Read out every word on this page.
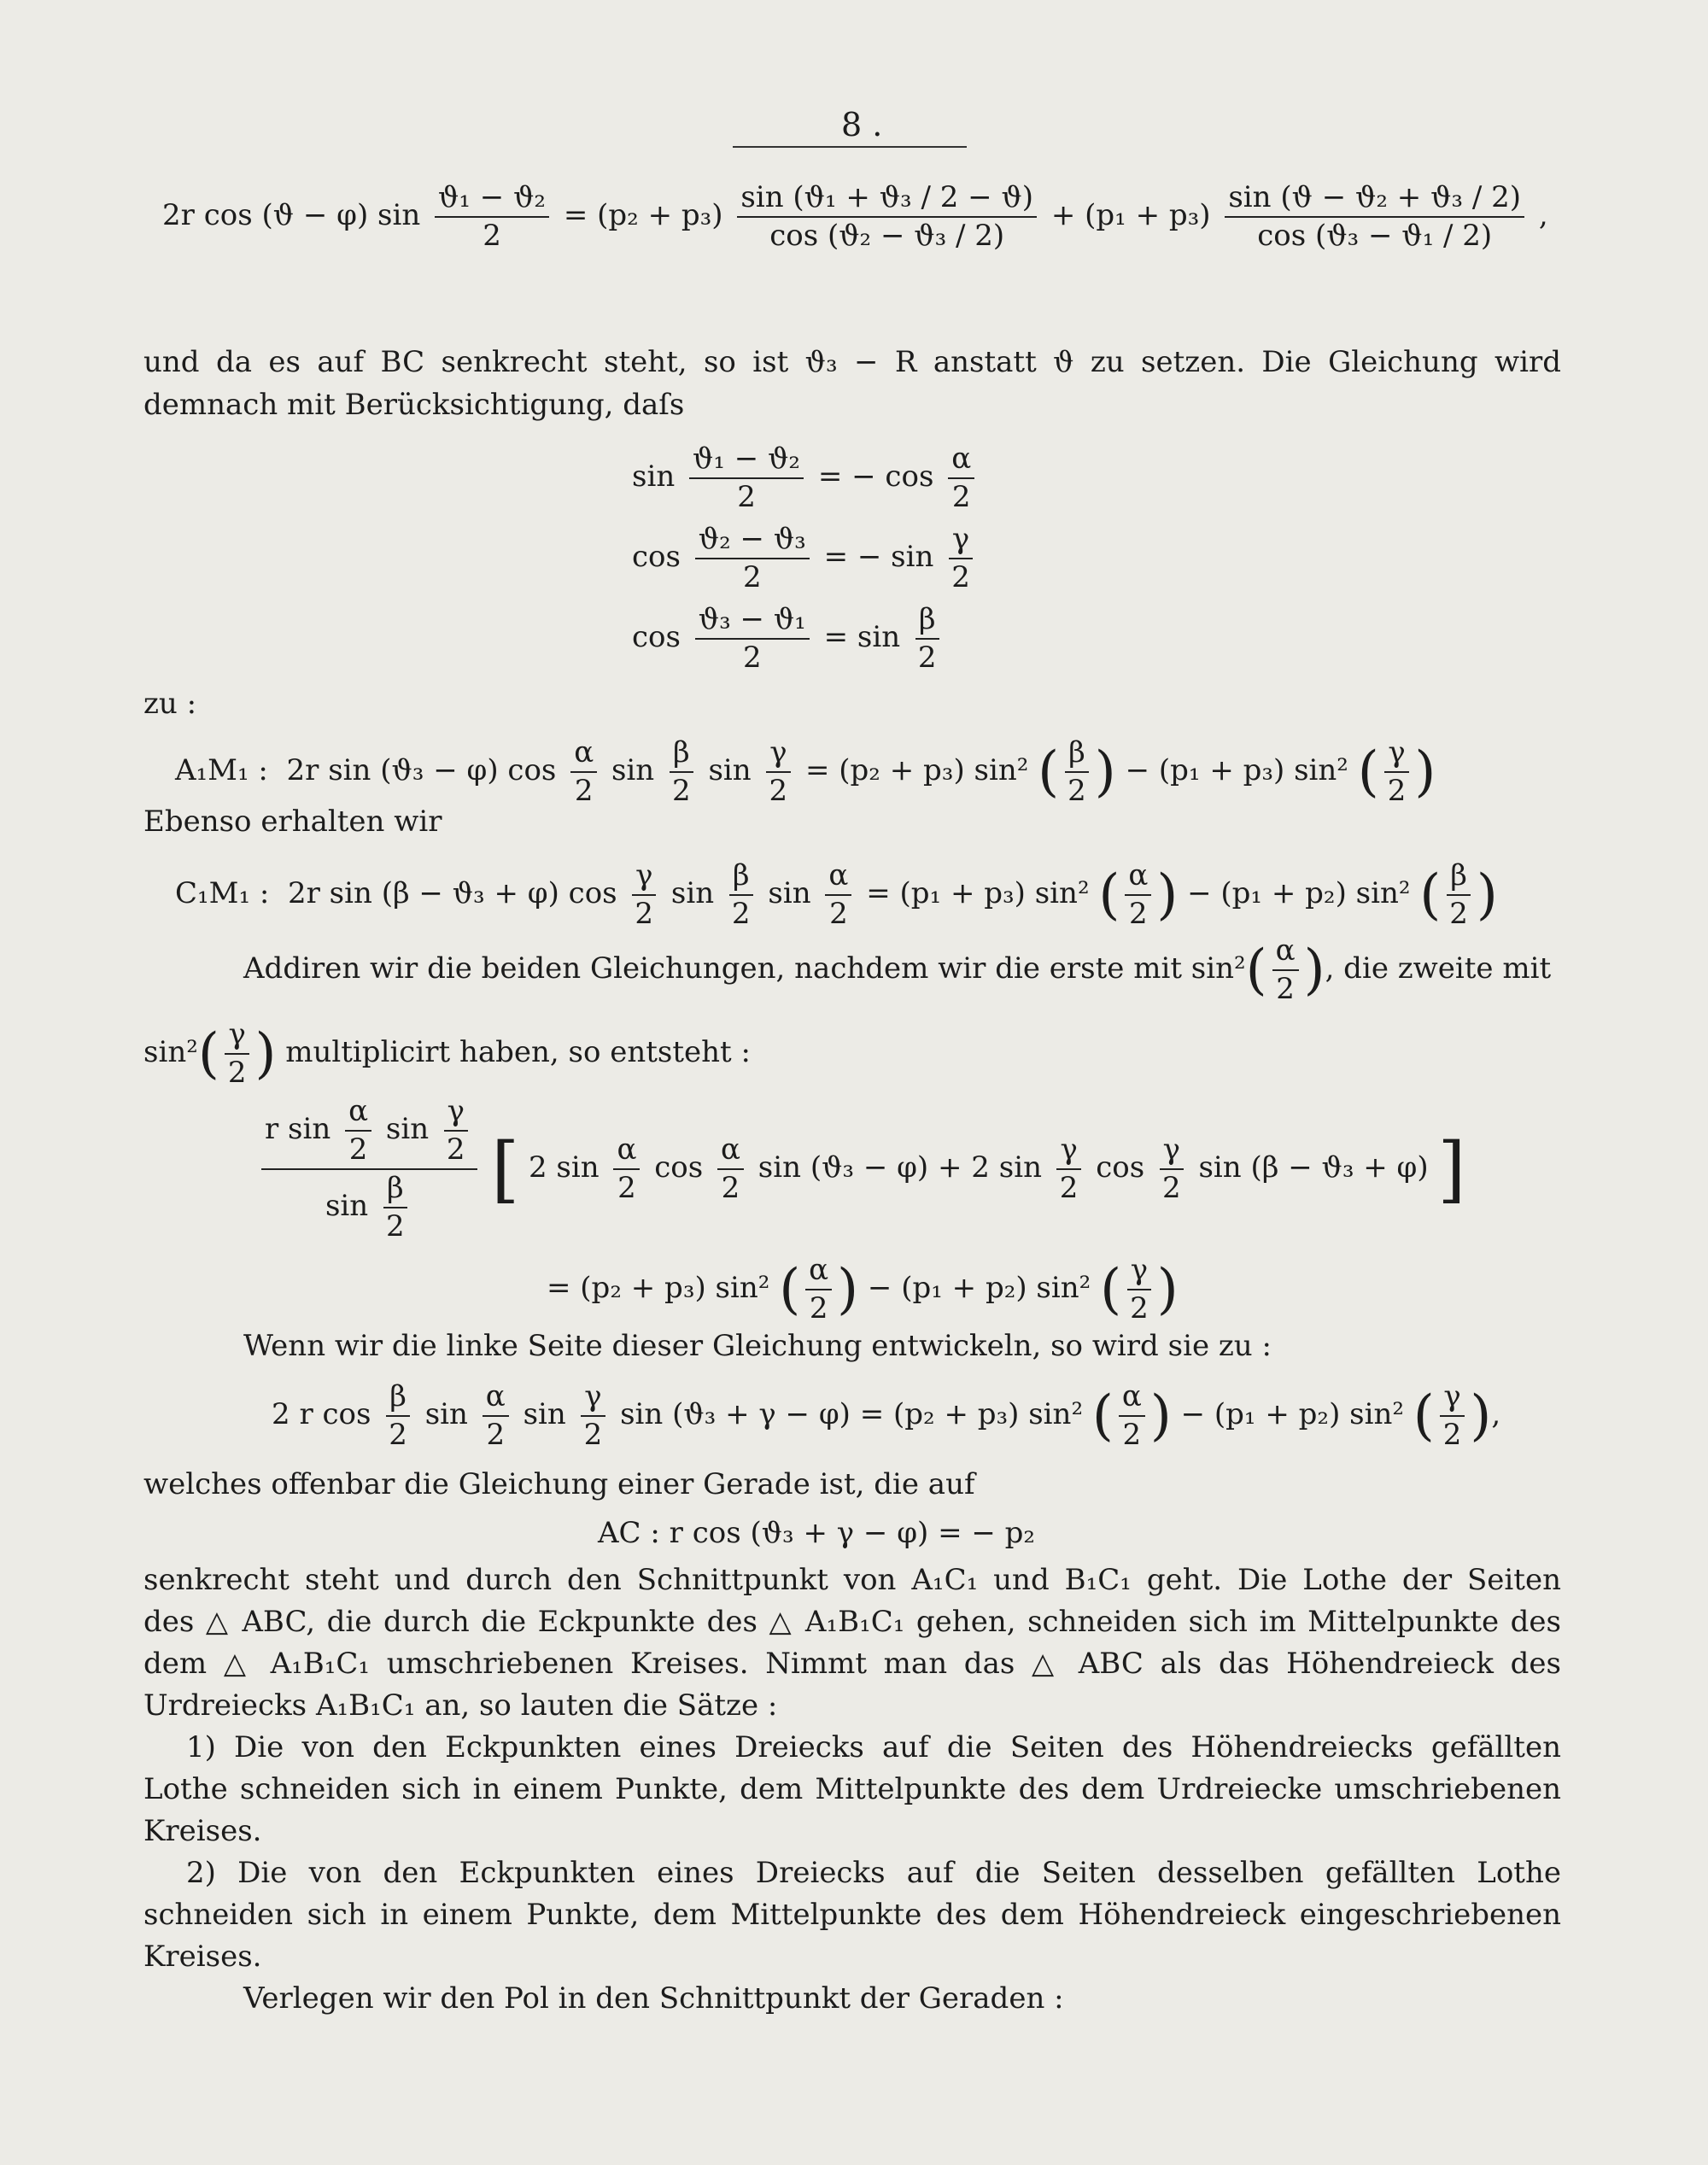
8 .
2r cos (ϑ − φ) $\sin \frac{\text{ϑ₁ − ϑ₂}}{2} = (p_2 + p_3) \frac{\text{sin (ϑ₁ + ϑ₃ / 2 − ϑ)}}{\text{cos (ϑ₂ − ϑ₃ / 2)}} + (p_1 + p_3) \frac{\text{sin (ϑ − ϑ₂ + ϑ₃ / 2)}}{\text{cos (ϑ₃ − ϑ₁ / 2)}}$ ,
und da es auf BC senkrecht steht, so ist ϑ₃ − R anstatt ϑ zu setzen. Die Gleichung wird
demnach mit Berücksichtigung, daſs
$\sin \frac{\text{ϑ₁ − ϑ₂}}{2}$ = − $\cos \frac{\alpha}{2}$
$\cos \frac{\text{ϑ₂ − ϑ₃}}{2}$ = − $\sin \frac{\gamma}{2}$
$\cos \frac{\text{ϑ₃ − ϑ₁}}{2} = \sin \frac{\beta}{2}$
zu :
A₁M₁ : 2r sin (ϑ₃ − φ) $\cos \frac{\alpha}{2}$ $\sin \frac{\beta}{2}$ $\sin \frac{\gamma}{2} = (p_2 + p_3)$ sin² ( $\frac{\beta}{2}$ ) − (p₁ + p₃) sin² ( $\frac{\gamma}{2}$ )
Ebenso erhalten wir
C₁M₁ : 2r sin (β − ϑ₃ + φ) $\cos \frac{\gamma}{2}$ $\sin \frac{\beta}{2}$ $\sin \frac{\alpha}{2} = (p_1 + p_3)$ sin² ( $\frac{\alpha}{2}$ ) − (p₁ + p₂) sin² ( $\frac{\beta}{2}$ )
Addiren wir die beiden Gleichungen, nachdem wir die erste mit $\sin^2( \frac{\alpha}{2}$ ), die zweite mit
$\sin^2( \frac{\gamma}{2}$ ) multiplicirt haben, so entsteht :
$\frac{r \sin \frac{\alpha}{2} \sin \frac{\gamma}{2}}{\sin \frac{\beta}{2}}$ [ 2 $\sin \frac{\alpha}{2}$ $\cos \frac{\alpha}{2}$ sin (ϑ₃ − φ) + 2 $\sin \frac{\gamma}{2}$ $\cos \frac{\gamma}{2}$ sin (β − ϑ₃ + φ) ]
= (p₂ + p₃) sin² ( $\frac{\alpha}{2}$ ) − (p₁ + p₂) sin² ( $\frac{\gamma}{2}$ )
Wenn wir die linke Seite dieser Gleichung entwickeln, so wird sie zu :
2 r $\cos \frac{\beta}{2}$ $\sin \frac{\alpha}{2}$ $\sin \frac{\gamma}{2}$ sin (ϑ₃ + γ − φ) = (p₂ + p₃) sin² ( $\frac{\alpha}{2}$ ) − (p₁ + p₂) sin² ( $\frac{\gamma}{2}$ ),
welches offenbar die Gleichung einer Gerade ist, die auf
AC : r cos (ϑ₃ + γ − φ) = − p₂
senkrecht steht und durch den Schnittpunkt von A₁C₁ und B₁C₁ geht. Die Lothe der Seiten
des △ ABC, die durch die Eckpunkte des △ A₁B₁C₁ gehen, schneiden sich im Mittelpunkte des
dem △ A₁B₁C₁ umschriebenen Kreises. Nimmt man das △ ABC als das Höhendreieck des
Urdreiecks A₁B₁C₁ an, so lauten die Sätze :
1) Die von den Eckpunkten eines Dreiecks auf die Seiten des Höhendreiecks gefällten
Lothe schneiden sich in einem Punkte, dem Mittelpunkte des dem Urdreiecke umschriebenen
Kreises.
2) Die von den Eckpunkten eines Dreiecks auf die Seiten desselben gefällten Lothe
schneiden sich in einem Punkte, dem Mittelpunkte des dem Höhendreieck eingeschriebenen
Kreises.
Verlegen wir den Pol in den Schnittpunkt der Geraden :
